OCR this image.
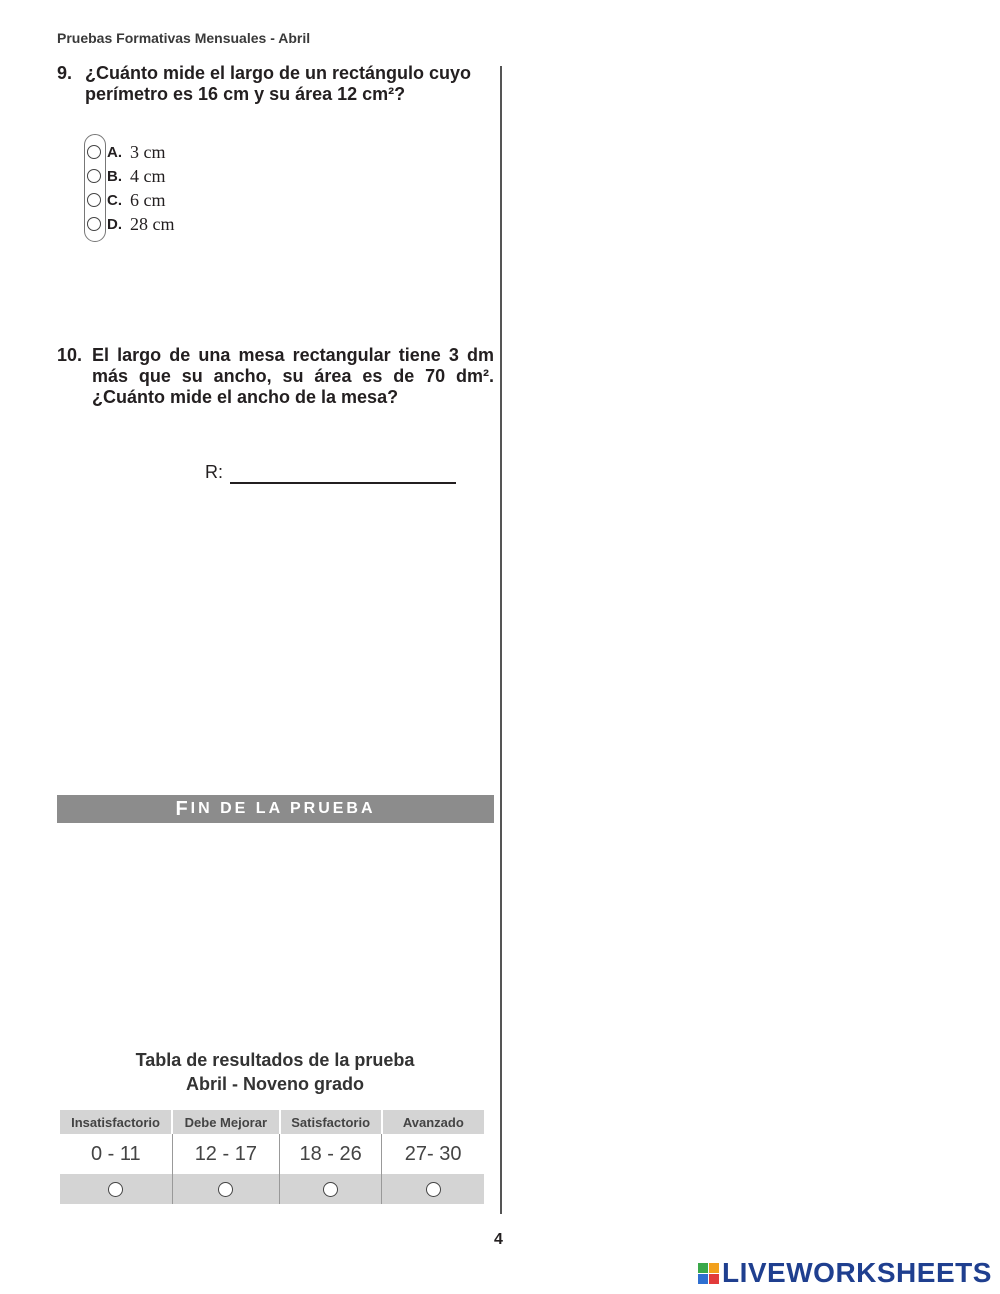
Pruebas Formativas Mensuales - Abril
9. ¿Cuánto mide el largo de un rectángulo cuyo perímetro es 16 cm y su área 12 cm²?
A. 3 cm
B. 4 cm
C. 6 cm
D. 28 cm
10. El largo de una mesa rectangular tiene 3 dm más que su ancho, su área es de 70 dm². ¿Cuánto mide el ancho de la mesa?
R:
F IN DE LA PRUEBA
Tabla de resultados de la prueba
Abril - Noveno grado
Insatisfactorio	Debe Mejorar	Satisfactorio	Avanzado
0 - 11	12 - 17	18 - 26	27- 30

4
LIVEWORKSHEETS
